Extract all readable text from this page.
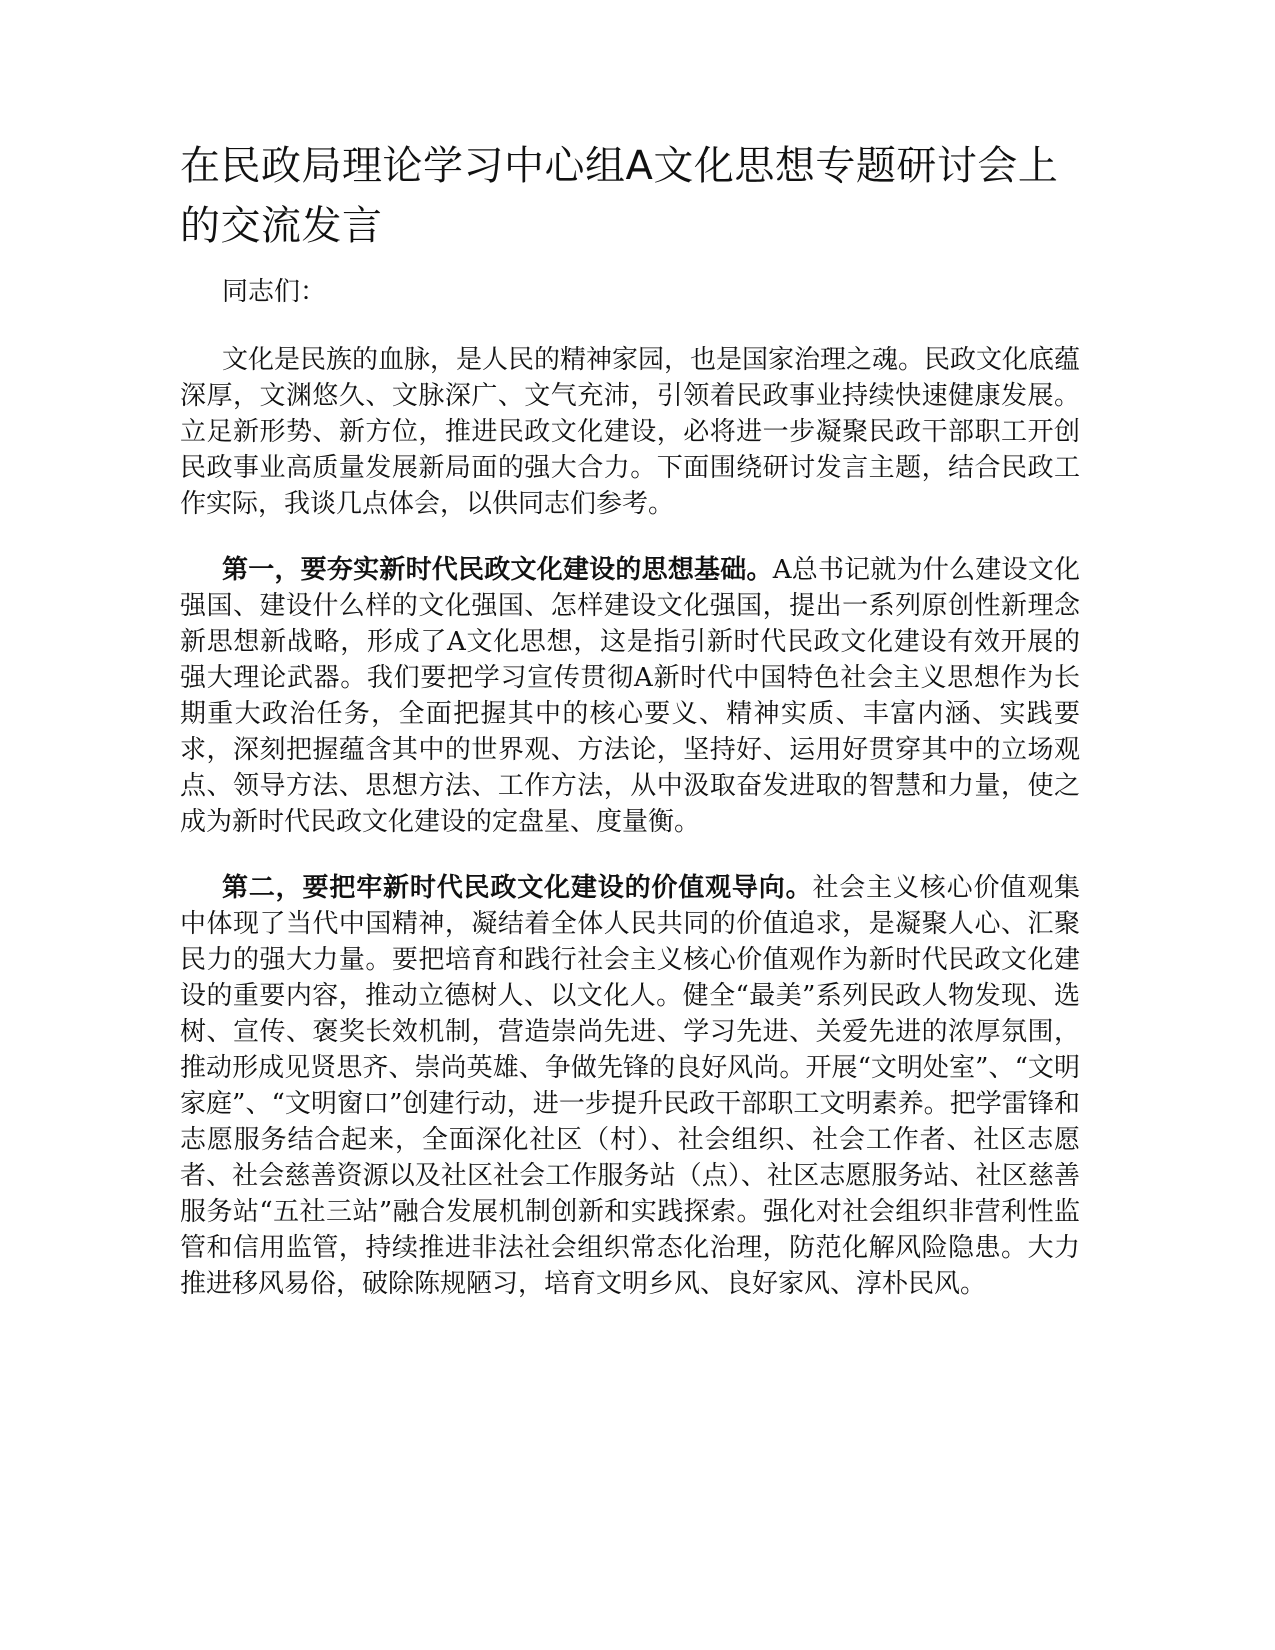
在民政局理论学习中心组A文化思想专题研讨会上的交流发言

同志们：

文化是民族的血脉，是人民的精神家园，也是国家治理之魂。民政文化底蕴深厚，文渊悠久、文脉深广、文气充沛，引领着民政事业持续快速健康发展。立足新形势、新方位，推进民政文化建设，必将进一步凝聚民政干部职工开创民政事业高质量发展新局面的强大合力。下面围绕研讨发言主题，结合民政工作实际，我谈几点体会，以供同志们参考。

第一，要夯实新时代民政文化建设的思想基础。A总书记就为什么建设文化强国、建设什么样的文化强国、怎样建设文化强国，提出一系列原创性新理念新思想新战略，形成了A文化思想，这是指引新时代民政文化建设有效开展的强大理论武器。我们要把学习宣传贯彻A新时代中国特色社会主义思想作为长期重大政治任务，全面把握其中的核心要义、精神实质、丰富内涵、实践要求，深刻把握蕴含其中的世界观、方法论，坚持好、运用好贯穿其中的立场观点、领导方法、思想方法、工作方法，从中汲取奋发进取的智慧和力量，使之成为新时代民政文化建设的定盘星、度量衡。

第二，要把牢新时代民政文化建设的价值观导向。社会主义核心价值观集中体现了当代中国精神，凝结着全体人民共同的价值追求，是凝聚人心、汇聚民力的强大力量。要把培育和践行社会主义核心价值观作为新时代民政文化建设的重要内容，推动立德树人、以文化人。健全“最美”系列民政人物发现、选树、宣传、褒奖长效机制，营造崇尚先进、学习先进、关爱先进的浓厚氛围，推动形成见贤思齐、崇尚英雄、争做先锋的良好风尚。开展“文明处室”、“文明家庭”、“文明窗口”创建行动，进一步提升民政干部职工文明素养。把学雷锋和志愿服务结合起来，全面深化社区（村）、社会组织、社会工作者、社区志愿者、社会慈善资源以及社区社会工作服务站（点）、社区志愿服务站、社区慈善服务站“五社三站”融合发展机制创新和实践探索。强化对社会组织非营利性监管和信用监管，持续推进非法社会组织常态化治理，防范化解风险隐患。大力推进移风易俗，破除陈规陋习，培育文明乡风、良好家风、淳朴民风。
